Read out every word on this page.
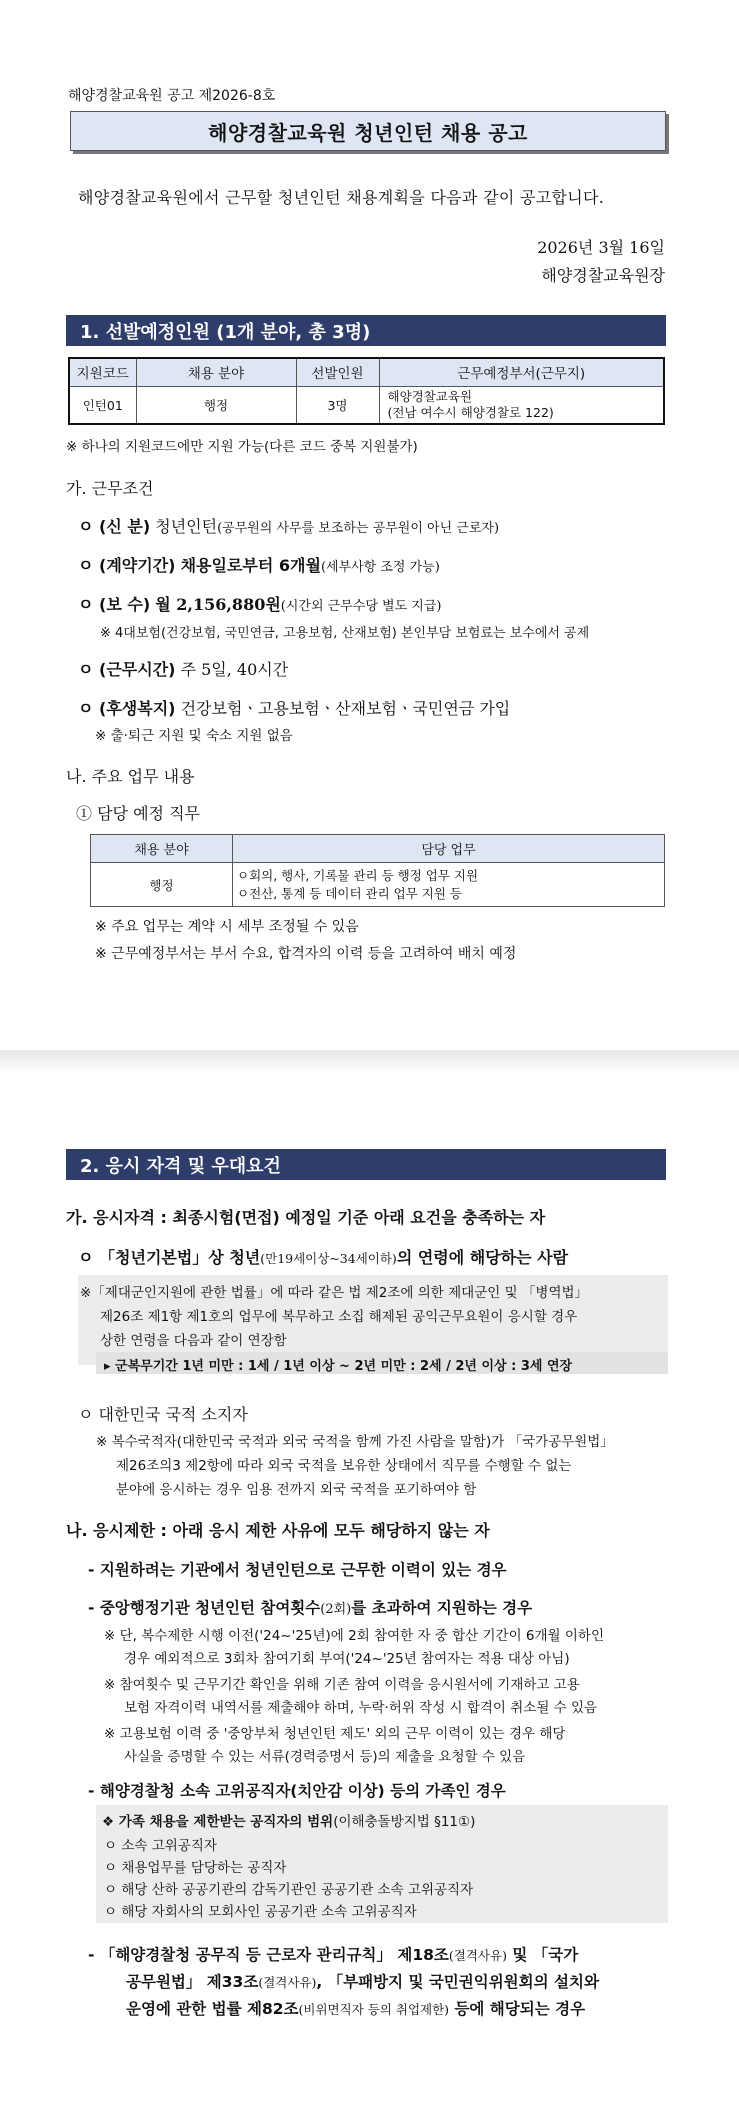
해양경찰교육원 공고 제2026-8호
해양경찰교육원 청년인턴 채용 공고
해양경찰교육원에서 근무할 청년인턴 채용계획을 다음과 같이 공고합니다.
2026년 3월 16일
해양경찰교육원장
1. 선발예정인원 (1개 분야, 총 3명)
지원코드	채용 분야	선발인원	근무예정부서(근무지)
인턴01	행정	3명	해양경찰교육원
(전남 여수시 해양경찰로 122)
※ 하나의 지원코드에만 지원 가능(다른 코드 중복 지원불가)
가. 근무조건
ㅇ (신 분) 청년인턴(공무원의 사무를 보조하는 공무원이 아닌 근로자)
ㅇ (계약기간) 채용일로부터 6개월(세부사항 조정 가능)
ㅇ (보 수) 월 2,156,880원(시간외 근무수당 별도 지급)
※ 4대보험(건강보험, 국민연금, 고용보험, 산재보험) 본인부담 보험료는 보수에서 공제
ㅇ (근무시간) 주 5일, 40시간
ㅇ (후생복지) 건강보험ㆍ고용보험ㆍ산재보험ㆍ국민연금 가입
※ 출·퇴근 지원 및 숙소 지원 없음
나. 주요 업무 내용
① 담당 예정 직무
채용 분야	담당 업무
행정	ㅇ회의, 행사, 기록물 관리 등 행정 업무 지원
ㅇ전산, 통계 등 데이터 관리 업무 지원 등
※ 주요 업무는 계약 시 세부 조정될 수 있음
※ 근무예정부서는 부서 수요, 합격자의 이력 등을 고려하여 배치 예정
2. 응시 자격 및 우대요건
가. 응시자격 : 최종시험(면접) 예정일 기준 아래 요건을 충족하는 자
ㅇ 「청년기본법」상 청년(만19세이상~34세이하)의 연령에 해당하는 사람
※「제대군인지원에 관한 법률」에 따라 같은 법 제2조에 의한 제대군인 및 「병역법」
제26조 제1항 제1호의 업무에 복무하고 소집 해제된 공익근무요원이 응시할 경우
상한 연령을 다음과 같이 연장함
▸ 군복무기간 1년 미만 : 1세 / 1년 이상 ~ 2년 미만 : 2세 / 2년 이상 : 3세 연장
ㅇ 대한민국 국적 소지자
※ 복수국적자(대한민국 국적과 외국 국적을 함께 가진 사람을 말함)가 「국가공무원법」
제26조의3 제2항에 따라 외국 국적을 보유한 상태에서 직무를 수행할 수 없는
분야에 응시하는 경우 임용 전까지 외국 국적을 포기하여야 함
나. 응시제한 : 아래 응시 제한 사유에 모두 해당하지 않는 자
- 지원하려는 기관에서 청년인턴으로 근무한 이력이 있는 경우
- 중앙행정기관 청년인턴 참여횟수(2회)를 초과하여 지원하는 경우
※ 단, 복수제한 시행 이전('24~'25년)에 2회 참여한 자 중 합산 기간이 6개월 이하인
경우 예외적으로 3회차 참여기회 부여('24~'25년 참여자는 적용 대상 아님)
※ 참여횟수 및 근무기간 확인을 위해 기존 참여 이력을 응시원서에 기재하고 고용
보험 자격이력 내역서를 제출해야 하며, 누락·허위 작성 시 합격이 취소될 수 있음
※ 고용보험 이력 중 '중앙부처 청년인턴 제도' 외의 근무 이력이 있는 경우 해당
사실을 증명할 수 있는 서류(경력증명서 등)의 제출을 요청할 수 있음
- 해양경찰청 소속 고위공직자(치안감 이상) 등의 가족인 경우
❖ 가족 채용을 제한받는 공직자의 범위(이해충돌방지법 §11①)
ㅇ 소속 고위공직자
ㅇ 채용업무를 담당하는 공직자
ㅇ 해당 산하 공공기관의 감독기관인 공공기관 소속 고위공직자
ㅇ 해당 자회사의 모회사인 공공기관 소속 고위공직자
- 「해양경찰청 공무직 등 근로자 관리규칙」 제18조(결격사유) 및 「국가
공무원법」 제33조(결격사유), 「부패방지 및 국민권익위원회의 설치와
운영에 관한 법률 제82조(비위면직자 등의 취업제한) 등에 해당되는 경우
